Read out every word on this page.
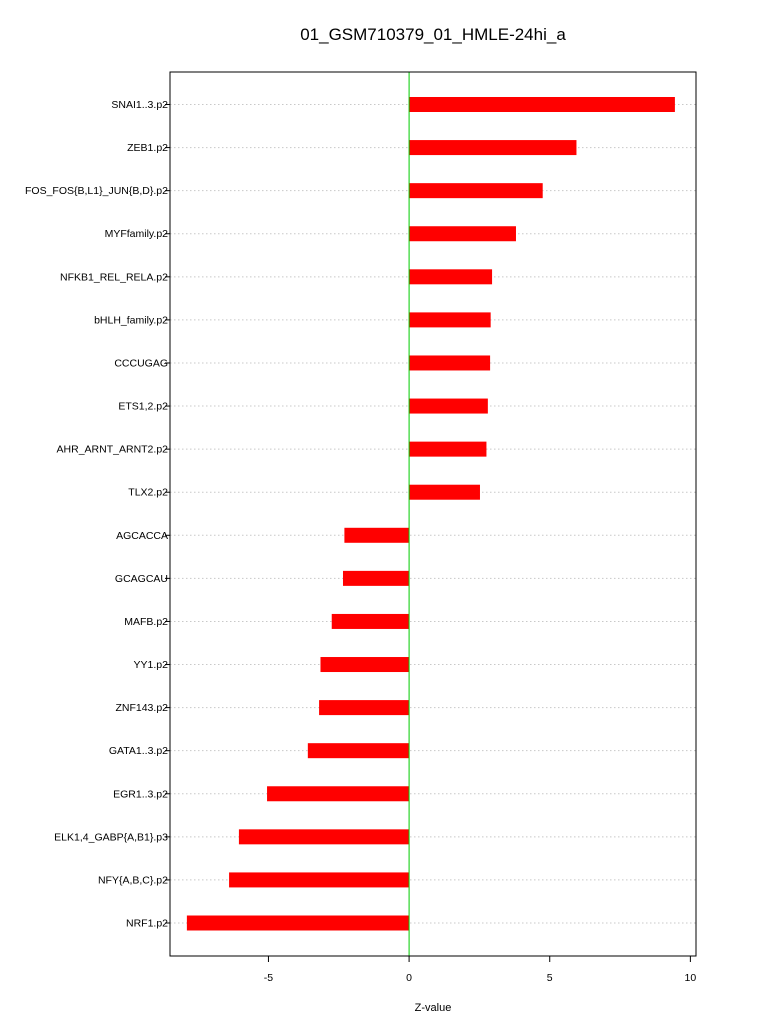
01_GSM710379_01_HMLE-24hi_a
SNAI1..3.p2
ZEB1.p2
FOS_FOS{B,L1}_JUN{B,D}.p2
MYFfamily.p2
NFKB1_REL_RELA.p2
bHLH_family.p2
CCCUGAG
ETS1,2.p2
AHR_ARNT_ARNT2.p2
TLX2.p2
AGCACCA
GCAGCAU
MAFB.p2
YY1.p2
ZNF143.p2
GATA1..3.p2
EGR1..3.p2
ELK1,4_GABP{A,B1}.p3
NFY{A,B,C}.p2
NRF1.p2
-5	0	5	10
Z-value
